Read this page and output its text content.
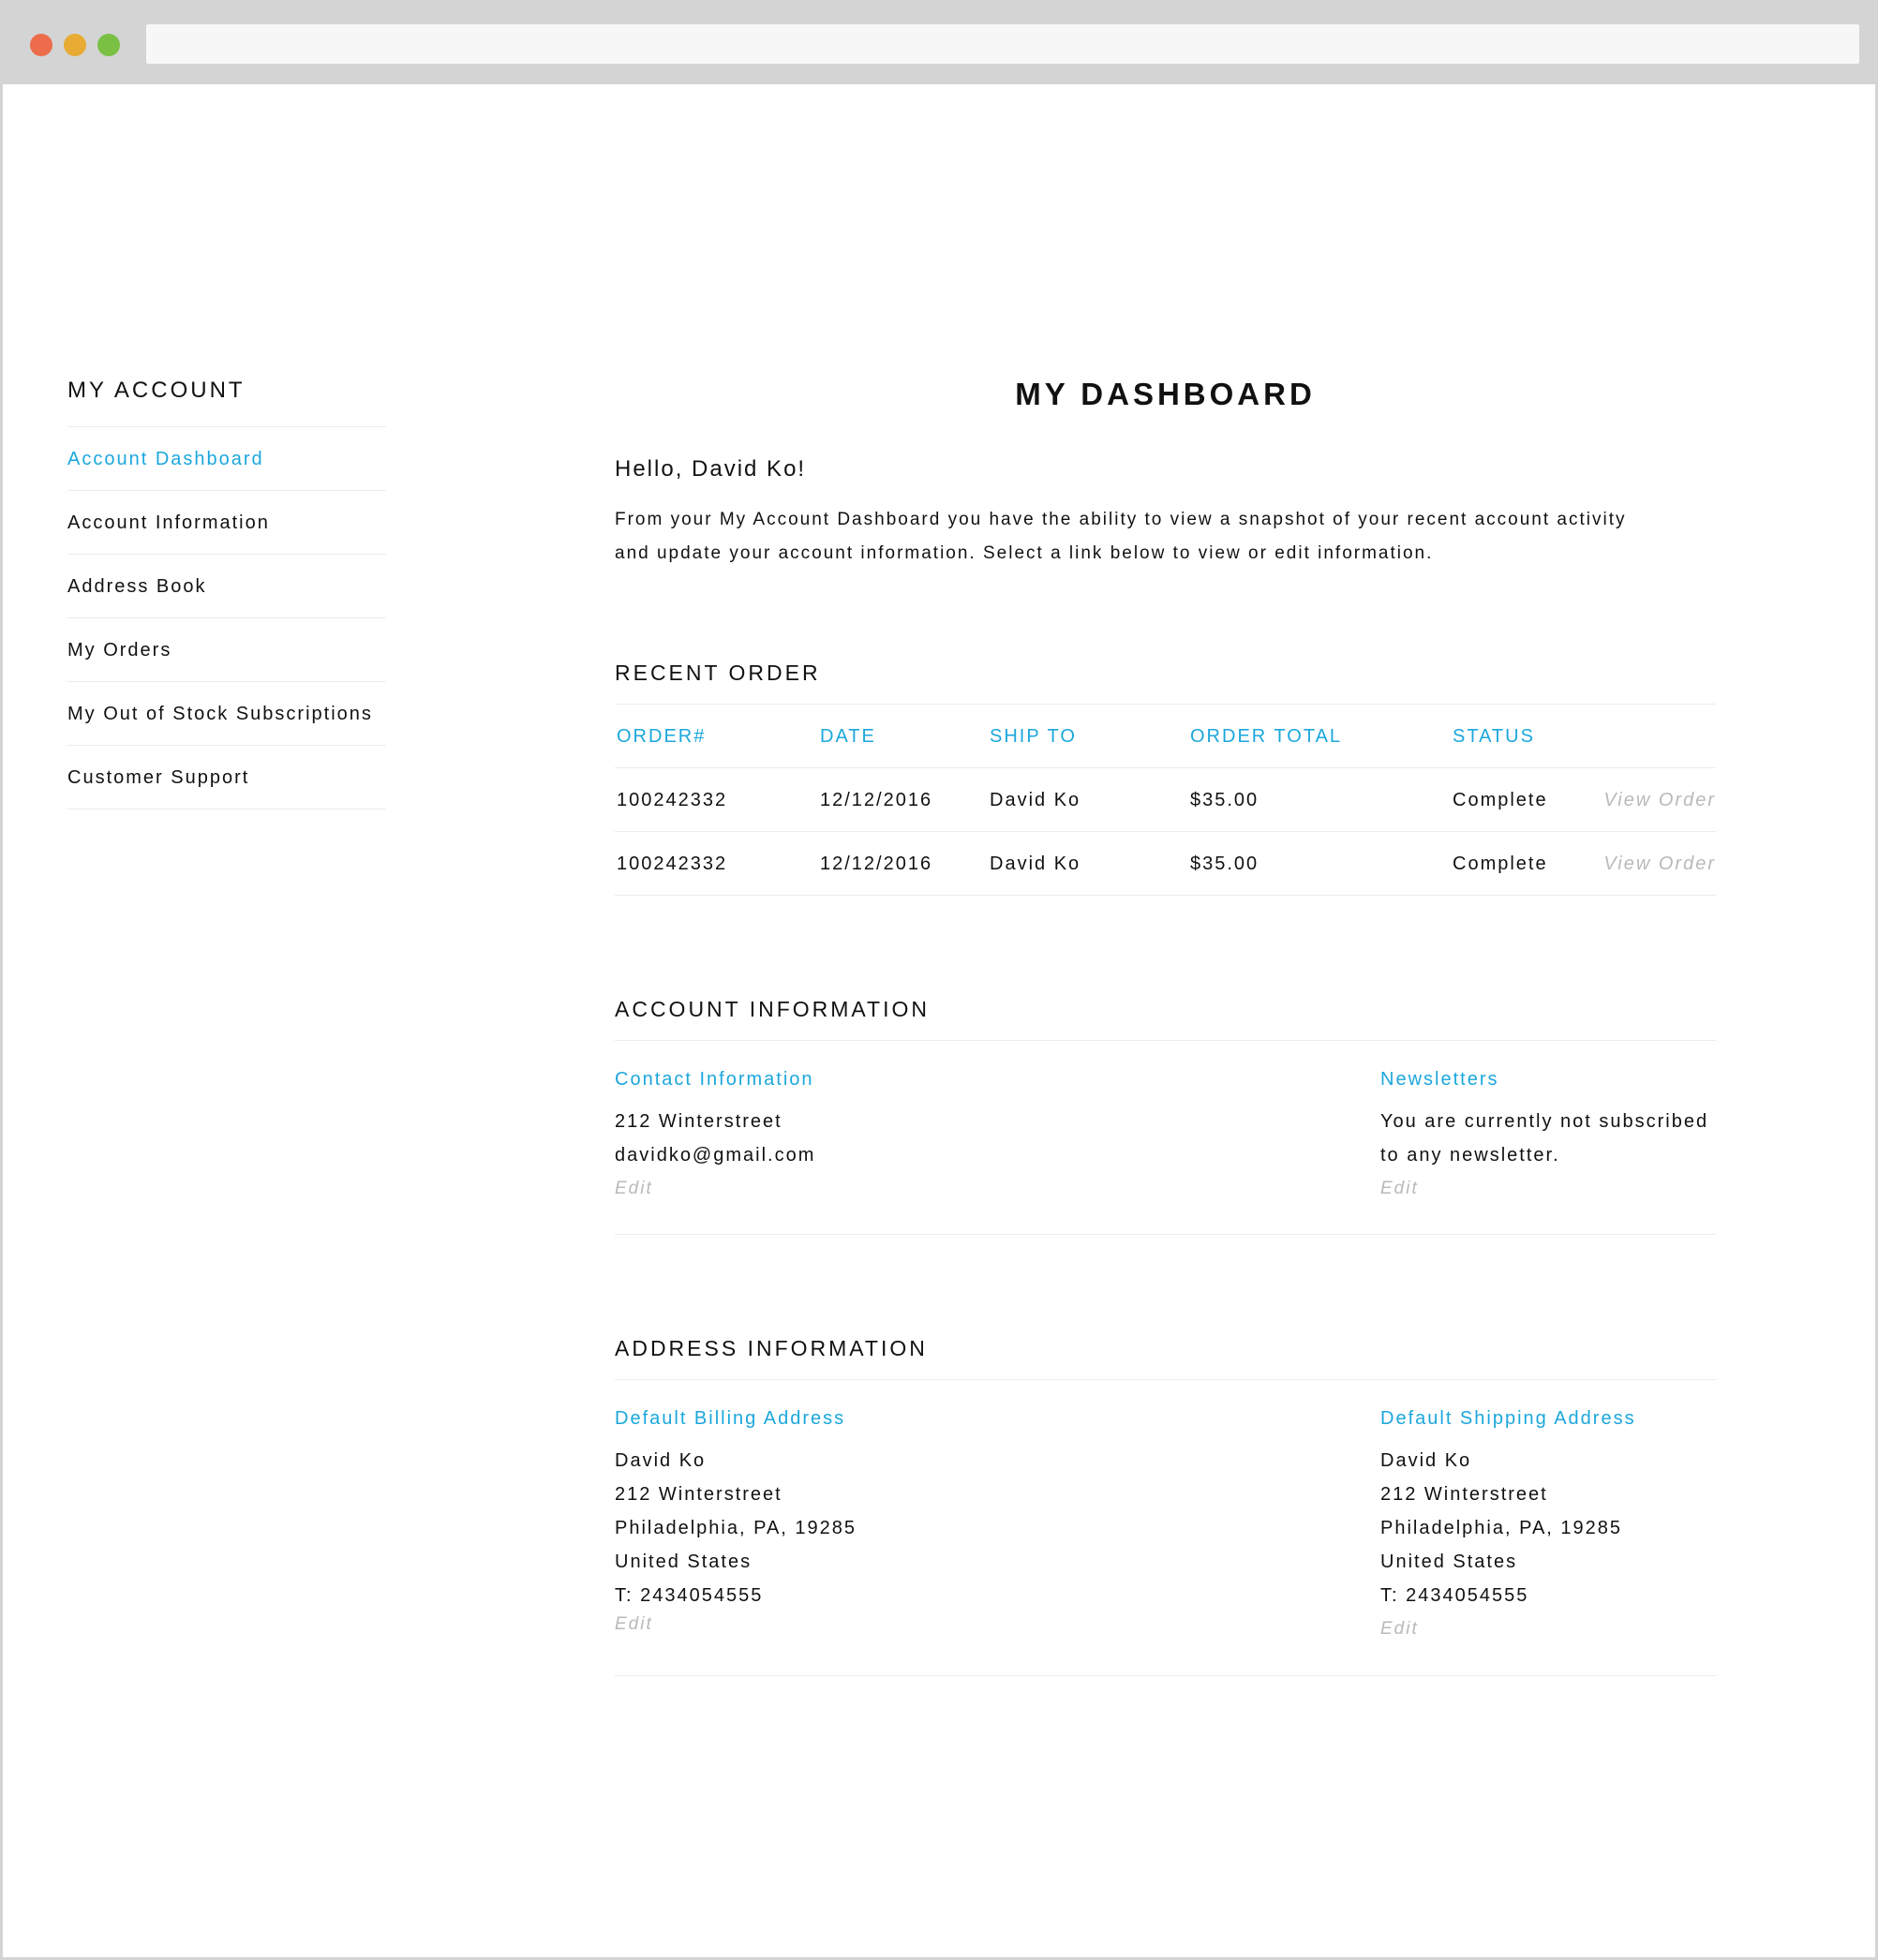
MY ACCOUNT
Account Dashboard
Account Information
Address Book
My Orders
My Out of Stock Subscriptions
Customer Support
MY DASHBOARD
Hello, David Ko!
From your My Account Dashboard you have the ability to view a snapshot of your recent account activity
and update your account information. Select a link below to view or edit information.
RECENT ORDER
ORDER#	DATE	SHIP TO	ORDER TOTAL	STATUS
100242332	12/12/2016	David Ko	$35.00	Complete	View Order
100242332	12/12/2016	David Ko	$35.00	Complete	View Order
ACCOUNT INFORMATION
Contact Information
212 Winterstreet
davidko@gmail.com
Edit
Newsletters
You are currently not subscribed
to any newsletter.
Edit
ADDRESS INFORMATION
Default Billing Address
David Ko
212 Winterstreet
Philadelphia, PA, 19285
United States
T: 2434054555
Edit
Default Shipping Address
David Ko
212 Winterstreet
Philadelphia, PA, 19285
United States
T: 2434054555
Edit
